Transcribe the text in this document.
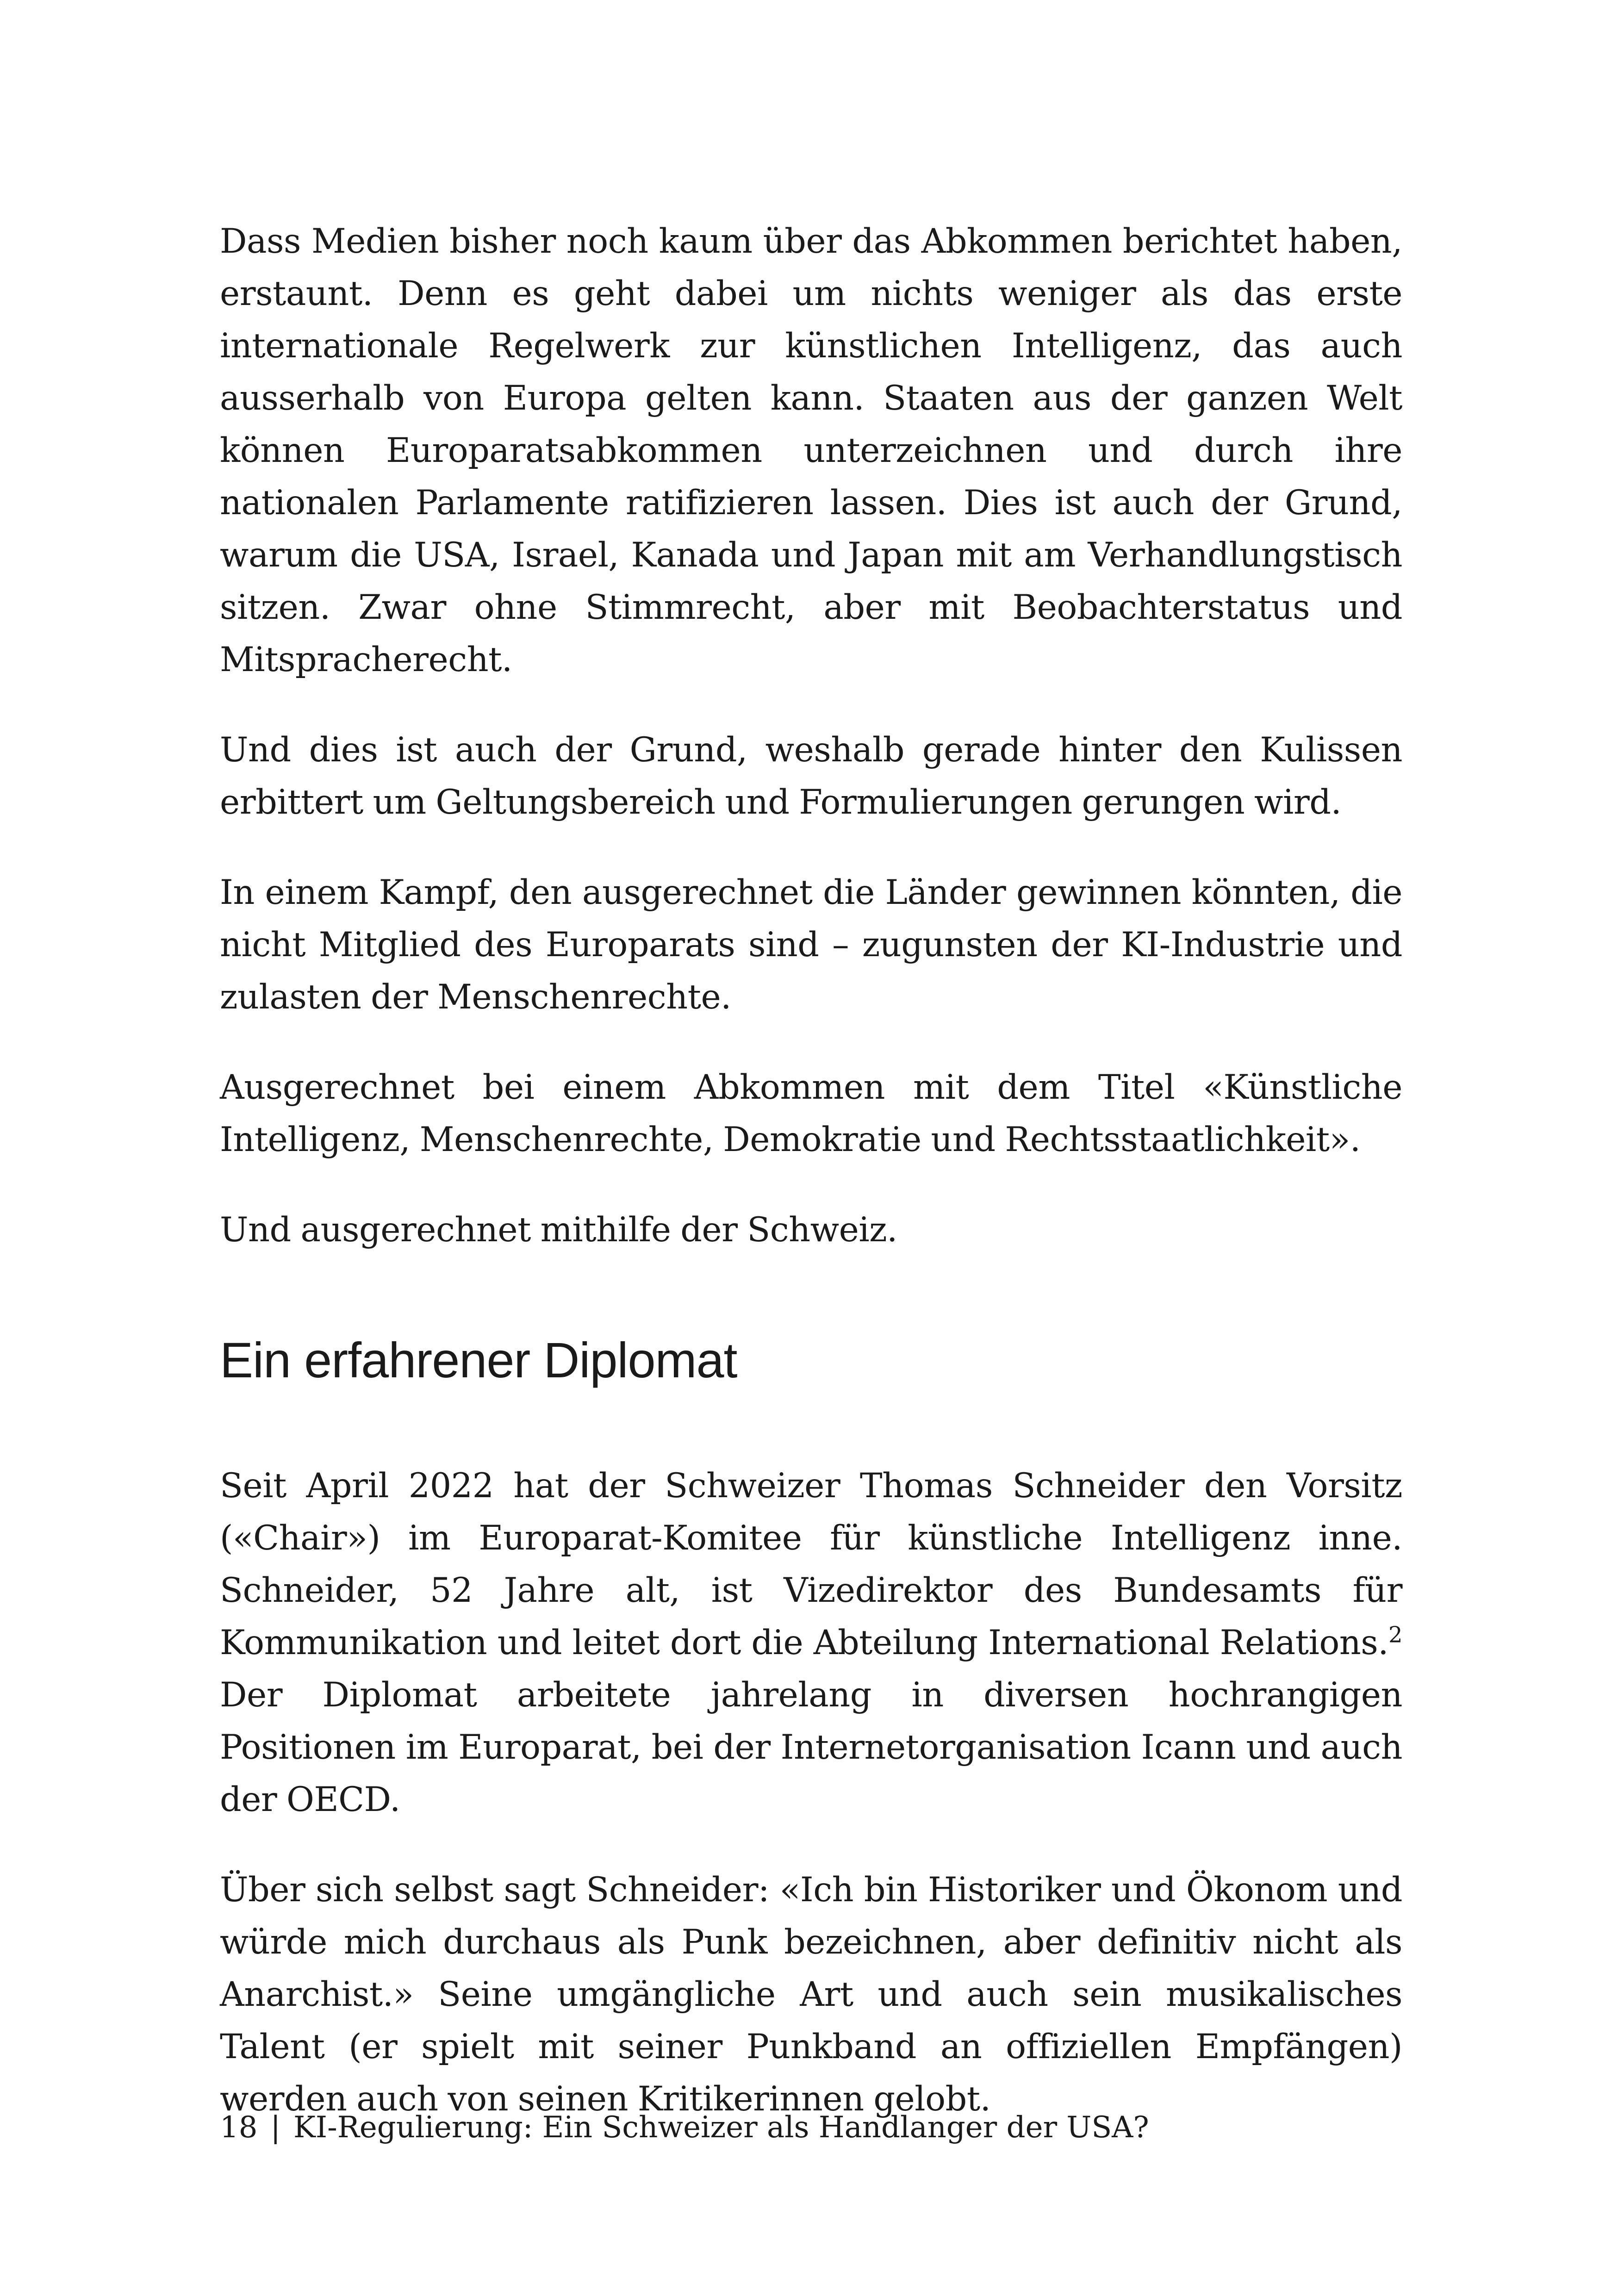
Dass Medien bisher noch kaum über das Abkommen berichtet haben, erstaunt. Denn es geht dabei um nichts weniger als das erste internationale Regelwerk zur künstlichen Intelligenz, das auch ausserhalb von Europa gelten kann. Staaten aus der ganzen Welt können Europaratsabkommen unterzeichnen und durch ihre nationalen Parlamente ratifizieren lassen. Dies ist auch der Grund, warum die USA, Israel, Kanada und Japan mit am Verhandlungstisch sitzen. Zwar ohne Stimmrecht, aber mit Beobachterstatus und Mitspracherecht.

Und dies ist auch der Grund, weshalb gerade hinter den Kulissen erbittert um Geltungsbereich und Formulierungen gerungen wird.

In einem Kampf, den ausgerechnet die Länder gewinnen könnten, die nicht Mitglied des Europarats sind – zugunsten der KI-Industrie und zulasten der Menschenrechte.

Ausgerechnet bei einem Abkommen mit dem Titel «Künstliche Intelligenz, Menschenrechte, Demokratie und Rechtsstaatlichkeit».

Und ausgerechnet mithilfe der Schweiz.

Ein erfahrener Diplomat

Seit April 2022 hat der Schweizer Thomas Schneider den Vorsitz («Chair») im Europarat-Komitee für künstliche Intelligenz inne. Schneider, 52 Jahre alt, ist Vizedirektor des Bundesamts für Kommunikation und leitet dort die Abteilung International Relations.$^2$ Der Diplomat arbeitete jahrelang in diversen hochrangigen Positionen im Europarat, bei der Internetorganisation Icann und auch der OECD.

Über sich selbst sagt Schneider: «Ich bin Historiker und Ökonom und würde mich durchaus als Punk bezeichnen, aber definitiv nicht als Anarchist.» Seine umgängliche Art und auch sein musikalisches Talent (er spielt mit seiner Punkband an offiziellen Empfängen) werden auch von seinen Kritikerinnen gelobt.

18 | KI-Regulierung: Ein Schweizer als Handlanger der USA?
